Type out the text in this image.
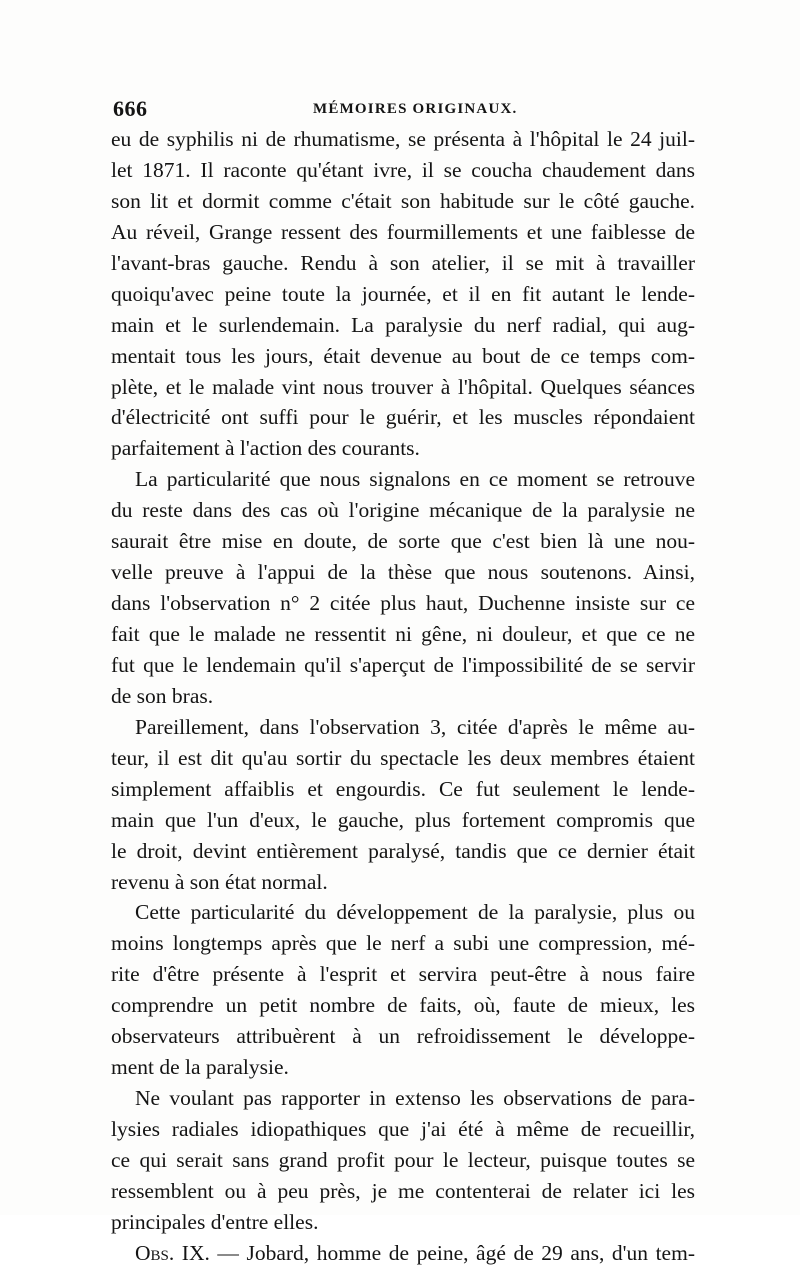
666	MÉMOIRES ORIGINAUX.
eu de syphilis ni de rhumatisme, se présenta à l'hôpital le 24 juil-
let 1871. Il raconte qu'étant ivre, il se coucha chaudement dans
son lit et dormit comme c'était son habitude sur le côté gauche.
Au réveil, Grange ressent des fourmillements et une faiblesse de
l'avant-bras gauche. Rendu à son atelier, il se mit à travailler
quoiqu'avec peine toute la journée, et il en fit autant le lende-
main et le surlendemain. La paralysie du nerf radial, qui aug-
mentait tous les jours, était devenue au bout de ce temps com-
plète, et le malade vint nous trouver à l'hôpital. Quelques séances
d'électricité ont suffi pour le guérir, et les muscles répondaient
parfaitement à l'action des courants.
La particularité que nous signalons en ce moment se retrouve
du reste dans des cas où l'origine mécanique de la paralysie ne
saurait être mise en doute, de sorte que c'est bien là une nou-
velle preuve à l'appui de la thèse que nous soutenons. Ainsi,
dans l'observation n° 2 citée plus haut, Duchenne insiste sur ce
fait que le malade ne ressentit ni gêne, ni douleur, et que ce ne
fut que le lendemain qu'il s'aperçut de l'impossibilité de se servir
de son bras.
Pareillement, dans l'observation 3, citée d'après le même au-
teur, il est dit qu'au sortir du spectacle les deux membres étaient
simplement affaiblis et engourdis. Ce fut seulement le lende-
main que l'un d'eux, le gauche, plus fortement compromis que
le droit, devint entièrement paralysé, tandis que ce dernier était
revenu à son état normal.
Cette particularité du développement de la paralysie, plus ou
moins longtemps après que le nerf a subi une compression, mé-
rite d'être présente à l'esprit et servira peut-être à nous faire
comprendre un petit nombre de faits, où, faute de mieux, les
observateurs attribuèrent à un refroidissement le développe-
ment de la paralysie.
Ne voulant pas rapporter in extenso les observations de para-
lysies radiales idiopathiques que j'ai été à même de recueillir,
ce qui serait sans grand profit pour le lecteur, puisque toutes se
ressemblent ou à peu près, je me contenterai de relater ici les
principales d'entre elles.
Obs. IX. — Jobard, homme de peine, âgé de 29 ans, d'un tem-
